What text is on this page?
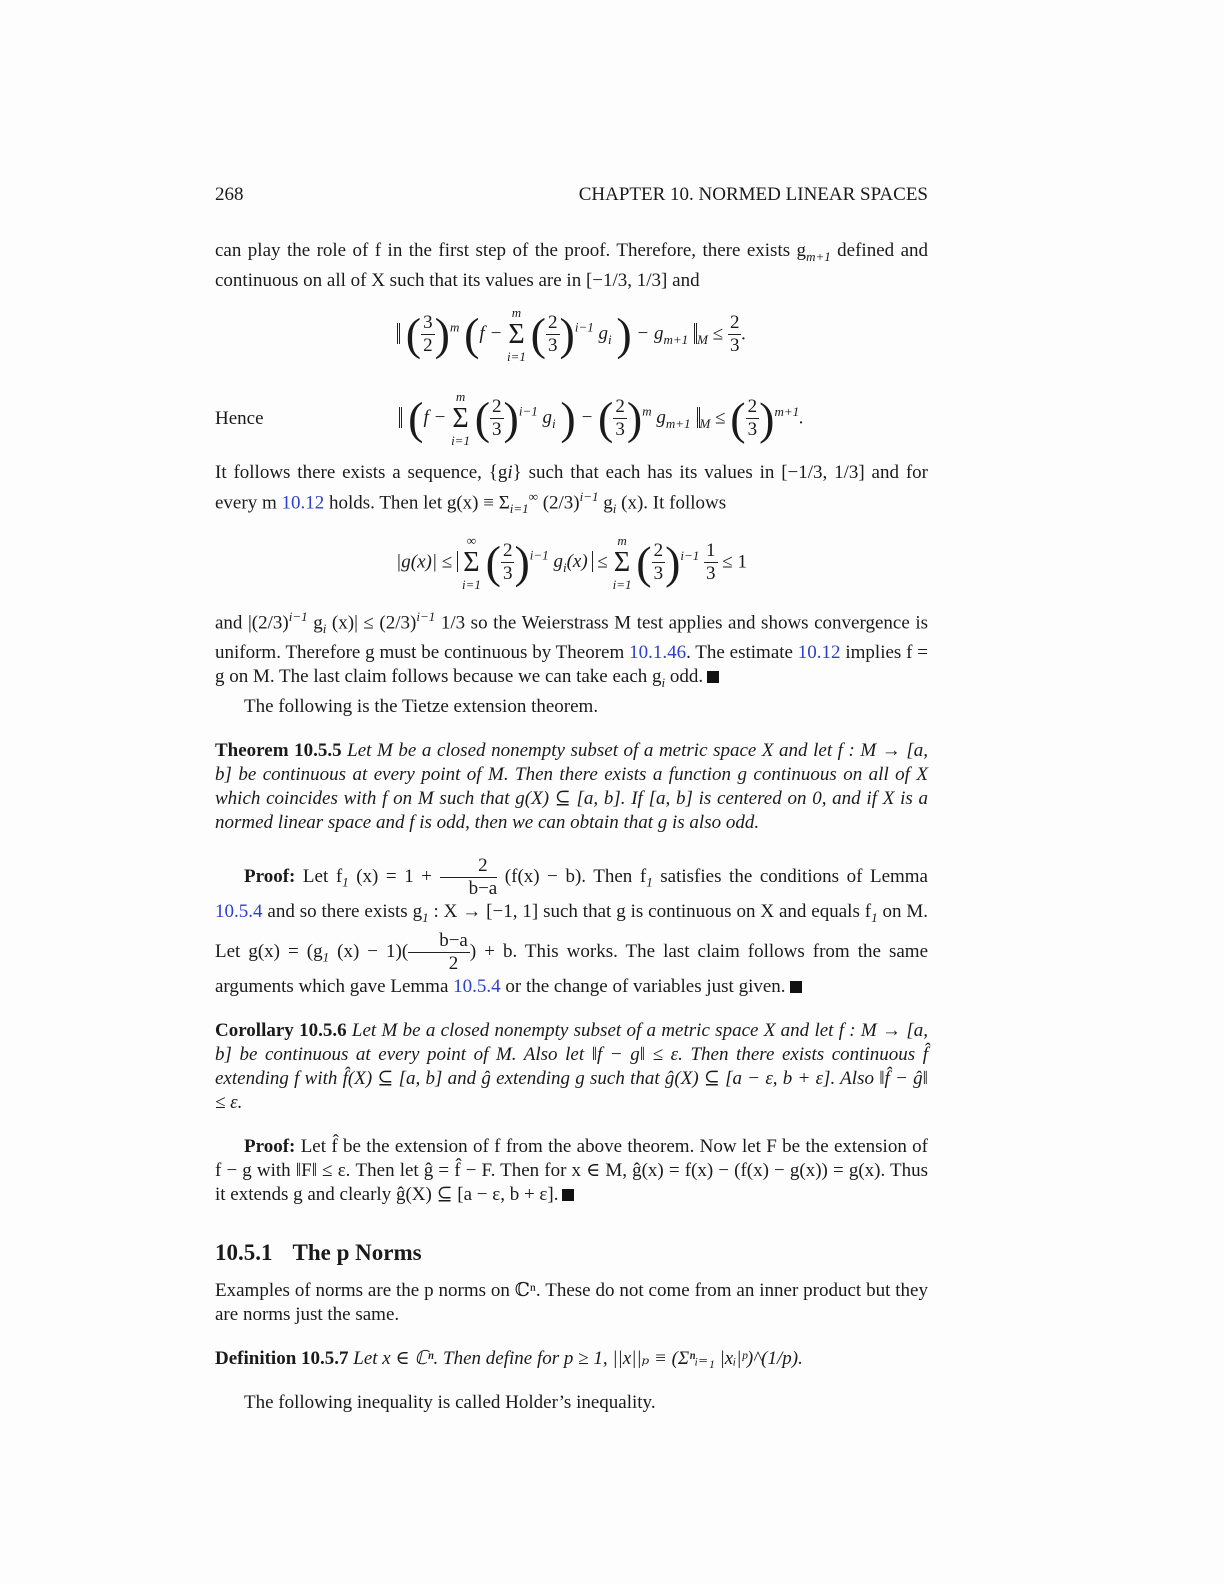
268	CHAPTER 10. NORMED LINEAR SPACES

can play the role of f in the first step of the proof. Therefore, there exists $g_{m+1}$ defined and continuous on all of X such that its values are in [−1/3, 1/3] and

( $\frac{3}{2} )^m$ (f −
m
Σ
i=1 ( $\frac{2}{3} )^{i-1}$ $g_i$ ) − $g_{m+1}$ $_M \le \frac{2}{3}$ .
Hence	(f −
m
Σ
i=1 ( $\frac{2}{3} )^{i-1}$ $g_i$ ) − ( $\frac{2}{3} )^m$ $g_{m+1}$ $_M$ ≤ ( $\frac{2}{3} )^{m+1}$.

It follows there exists a sequence, {gi} such that each has its values in [−1/3, 1/3] and for every m 10.12 holds. Then let $g(x) \equiv \Sigma_{i=1}^\infty$ $(2/3)^{i-1}$ $g_i$ (x). It follows

|g(x)| ≤
∞
Σ
i=1 ( $\frac{2}{3} )^{i-1}$ $g_i(x)$ ≤
m
Σ
i=1 ( $\frac{2}{3} )^{i-1} \frac{1}{3} \le 1$

and $|(2/3)^{i-1}$ $g_i$ $(x)| \le (2/3)^{i-1}$ 1/3 so the Weierstrass M test applies and shows convergence is uniform. Therefore g must be continuous by Theorem 10.1.46. The estimate 10.12 implies f = g on M. The last claim follows because we can take each $g_i$ odd.

The following is the Tietze extension theorem.

Theorem 10.5.5 Let M be a closed nonempty subset of a metric space X and let f : M → [a, b] be continuous at every point of M. Then there exists a function g continuous on all of X which coincides with f on M such that g(X) ⊆ [a, b]. If [a, b] is centered on 0, and if X is a normed linear space and f is odd, then we can obtain that g is also odd.

Proof: Let $f_1$ $(x) = 1 + \frac{2}{b-a} (f(x) - b)$. Then $f_1$ satisfies the conditions of Lemma 10.5.4 and so there exists $g_1$ : X → [−1, 1] such that g is continuous on X and equals $f_1$ on M. Let $g(x) = (g_1$ $(x) - 1)( \frac{b-a}{2}$ ) + b. This works. The last claim follows from the same arguments which gave Lemma 10.5.4 or the change of variables just given.

Corollary 10.5.6 Let M be a closed nonempty subset of a metric space X and let f : M → [a, b] be continuous at every point of M. Also let ‖f − g‖ ≤ ε. Then there exists continuous f̂ extending f with f̂(X) ⊆ [a, b] and ĝ extending g such that ĝ(X) ⊆ [a − ε, b + ε]. Also ‖f̂ − ĝ‖ ≤ ε.

Proof: Let f̂ be the extension of f from the above theorem. Now let F be the extension of f − g with ‖F‖ ≤ ε. Then let ĝ = f̂ − F. Then for x ∈ M, ĝ(x) = f(x) − (f(x) − g(x)) = g(x). Thus it extends g and clearly ĝ(X) ⊆ [a − ε, b + ε].

10.5.1 The p Norms

Examples of norms are the p norms on ℂⁿ. These do not come from an inner product but they are norms just the same.

Definition 10.5.7 Let x ∈ ℂⁿ. Then define for p ≥ 1, ||x||ₚ ≡ (Σⁿᵢ₌₁ |xᵢ|ᵖ)^(1/p).

The following inequality is called Holder’s inequality.
